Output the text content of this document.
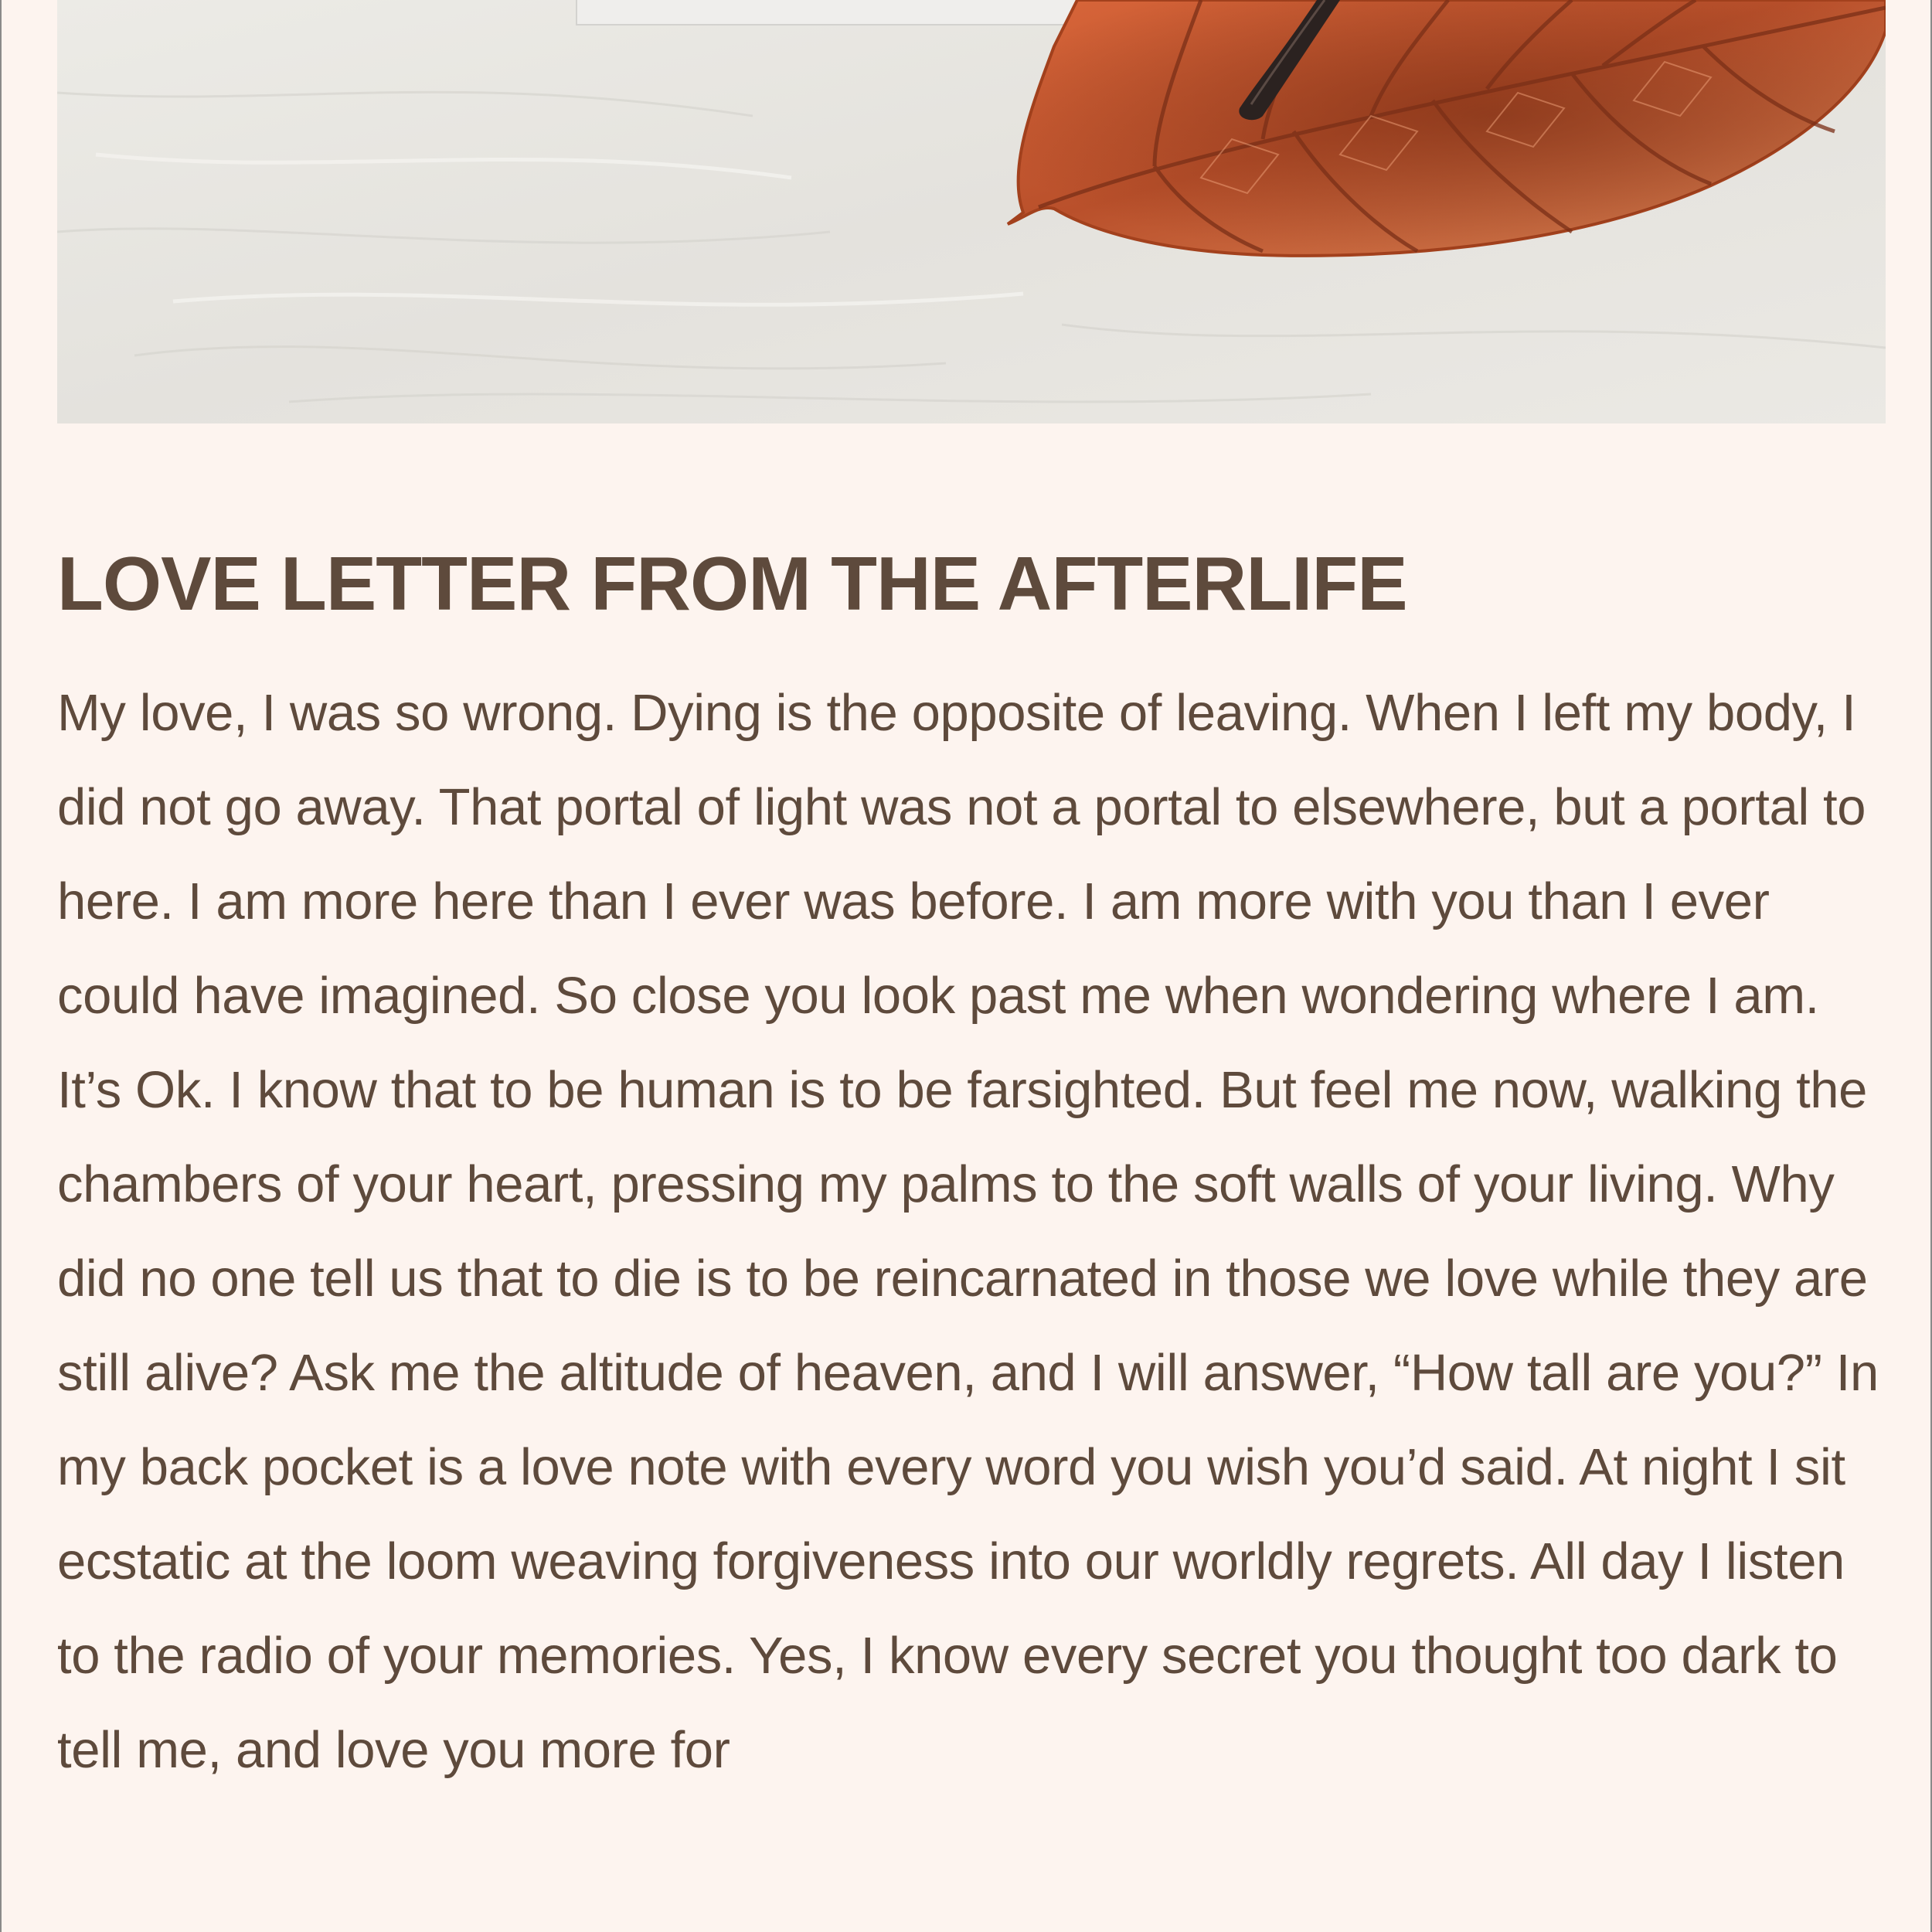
LOVE LETTER FROM THE AFTERLIFE

My love, I was so wrong. Dying is the opposite of leaving. When I left my body, I did not go away. That portal of light was not a portal to elsewhere, but a portal to here. I am more here than I ever was before. I am more with you than I ever could have imagined. So close you look past me when wondering where I am. It’s Ok. I know that to be human is to be farsighted. But feel me now, walking the chambers of your heart, pressing my palms to the soft walls of your living. Why did no one tell us that to die is to be reincarnated in those we love while they are still alive? Ask me the altitude of heaven, and I will answer, “How tall are you?” In my back pocket is a love note with every word you wish you’d said. At night I sit ecstatic at the loom weaving forgiveness into our worldly regrets. All day I listen to the radio of your memories. Yes, I know every secret you thought too dark to tell me, and love you more for
